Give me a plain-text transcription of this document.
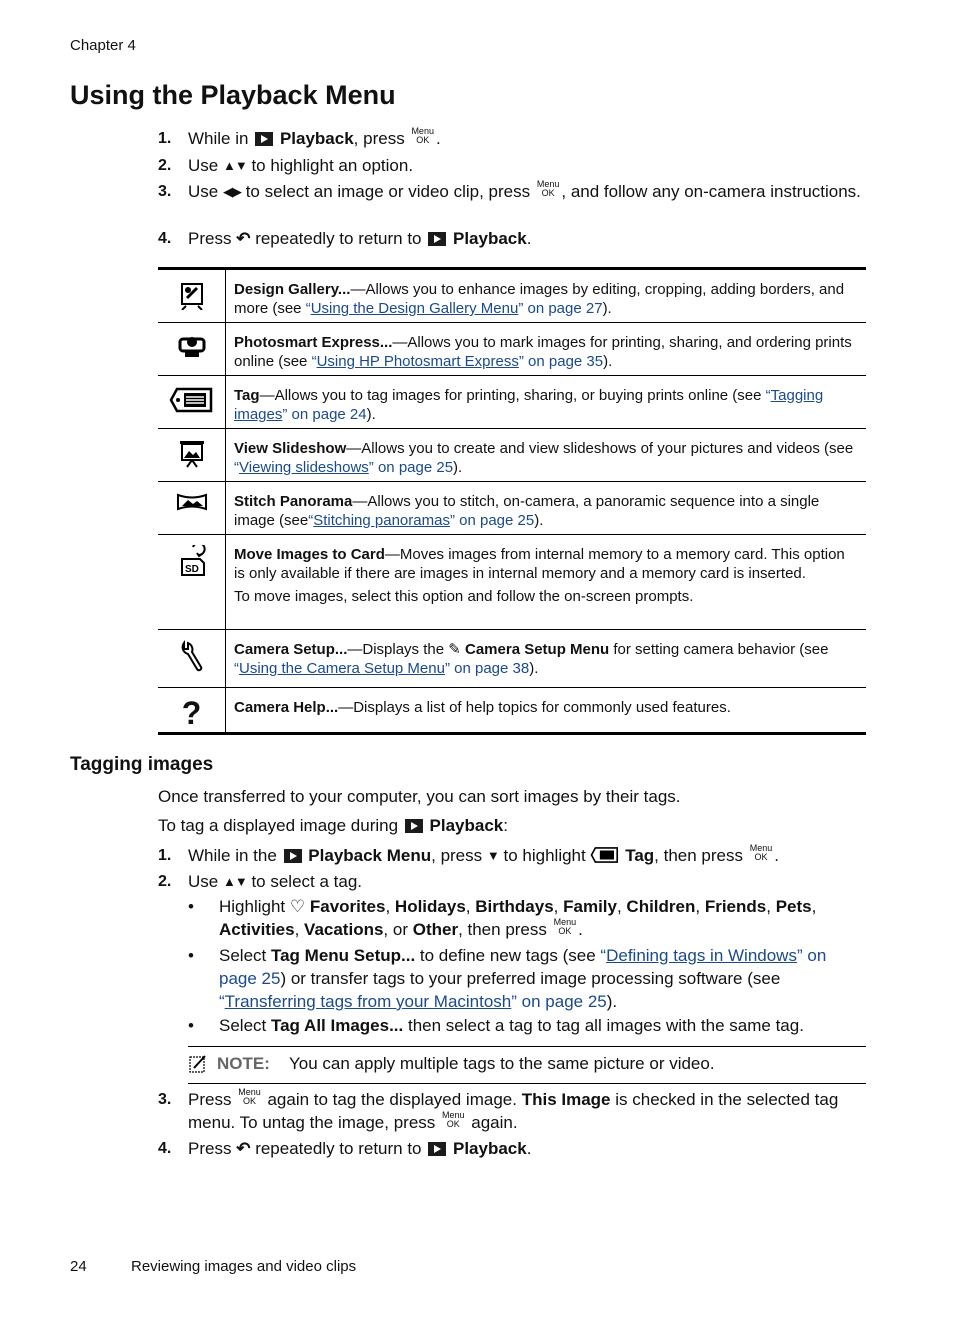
Chapter 4
Using the Playback Menu
1. While in Playback, press Menu
OK .
2. Use ▲▼ to highlight an option.
3. Use ◀▶ to select an image or video clip, press Menu
OK , and follow any on-camera instructions.
4. Press ↶ repeatedly to return to Playback.

Design Gallery...—Allows you to enhance images by editing, cropping, adding borders, and more (see “Using the Design Gallery Menu” on page 27).

Photosmart Express...—Allows you to mark images for printing, sharing, and ordering prints online (see “Using HP Photosmart Express” on page 35).

Tag—Allows you to tag images for printing, sharing, or buying prints online (see “Tagging images” on page 24).

View Slideshow—Allows you to create and view slideshows of your pictures and videos (see “Viewing slideshows” on page 25).

Stitch Panorama—Allows you to stitch, on-camera, a panoramic sequence into a single image (see“Stitching panoramas” on page 25).

SD

Move Images to Card—Moves images from internal memory to a memory card. This option is only available if there are images in internal memory and a memory card is inserted.

To move images, select this option and follow the on-screen prompts.

Camera Setup...—Displays the ✎ Camera Setup Menu for setting camera behavior (see “Using the Camera Setup Menu” on page 38).

? Camera Help...—Displays a list of help topics for commonly used features.

Tagging images
Once transferred to your computer, you can sort images by their tags.
To tag a displayed image during Playback:
1. While in the Playback Menu, press ▼ to highlight Tag, then press Menu
OK .
2. Use ▲▼ to select a tag.
• Highlight ♡ Favorites, Holidays, Birthdays, Family, Children, Friends, Pets, Activities, Vacations, or Other, then press Menu
OK .
• Select Tag Menu Setup... to define new tags (see “Defining tags in Windows” on page 25) or transfer tags to your preferred image processing software (see “Transferring tags from your Macintosh” on page 25).
• Select Tag All Images... then select a tag to tag all images with the same tag.
NOTE: You can apply multiple tags to the same picture or video.
3. Press Menu
OK again to tag the displayed image. This Image is checked in the selected tag menu. To untag the image, press Menu
OK again.
4. Press ↶ repeatedly to return to Playback.
24	Reviewing images and video clips
